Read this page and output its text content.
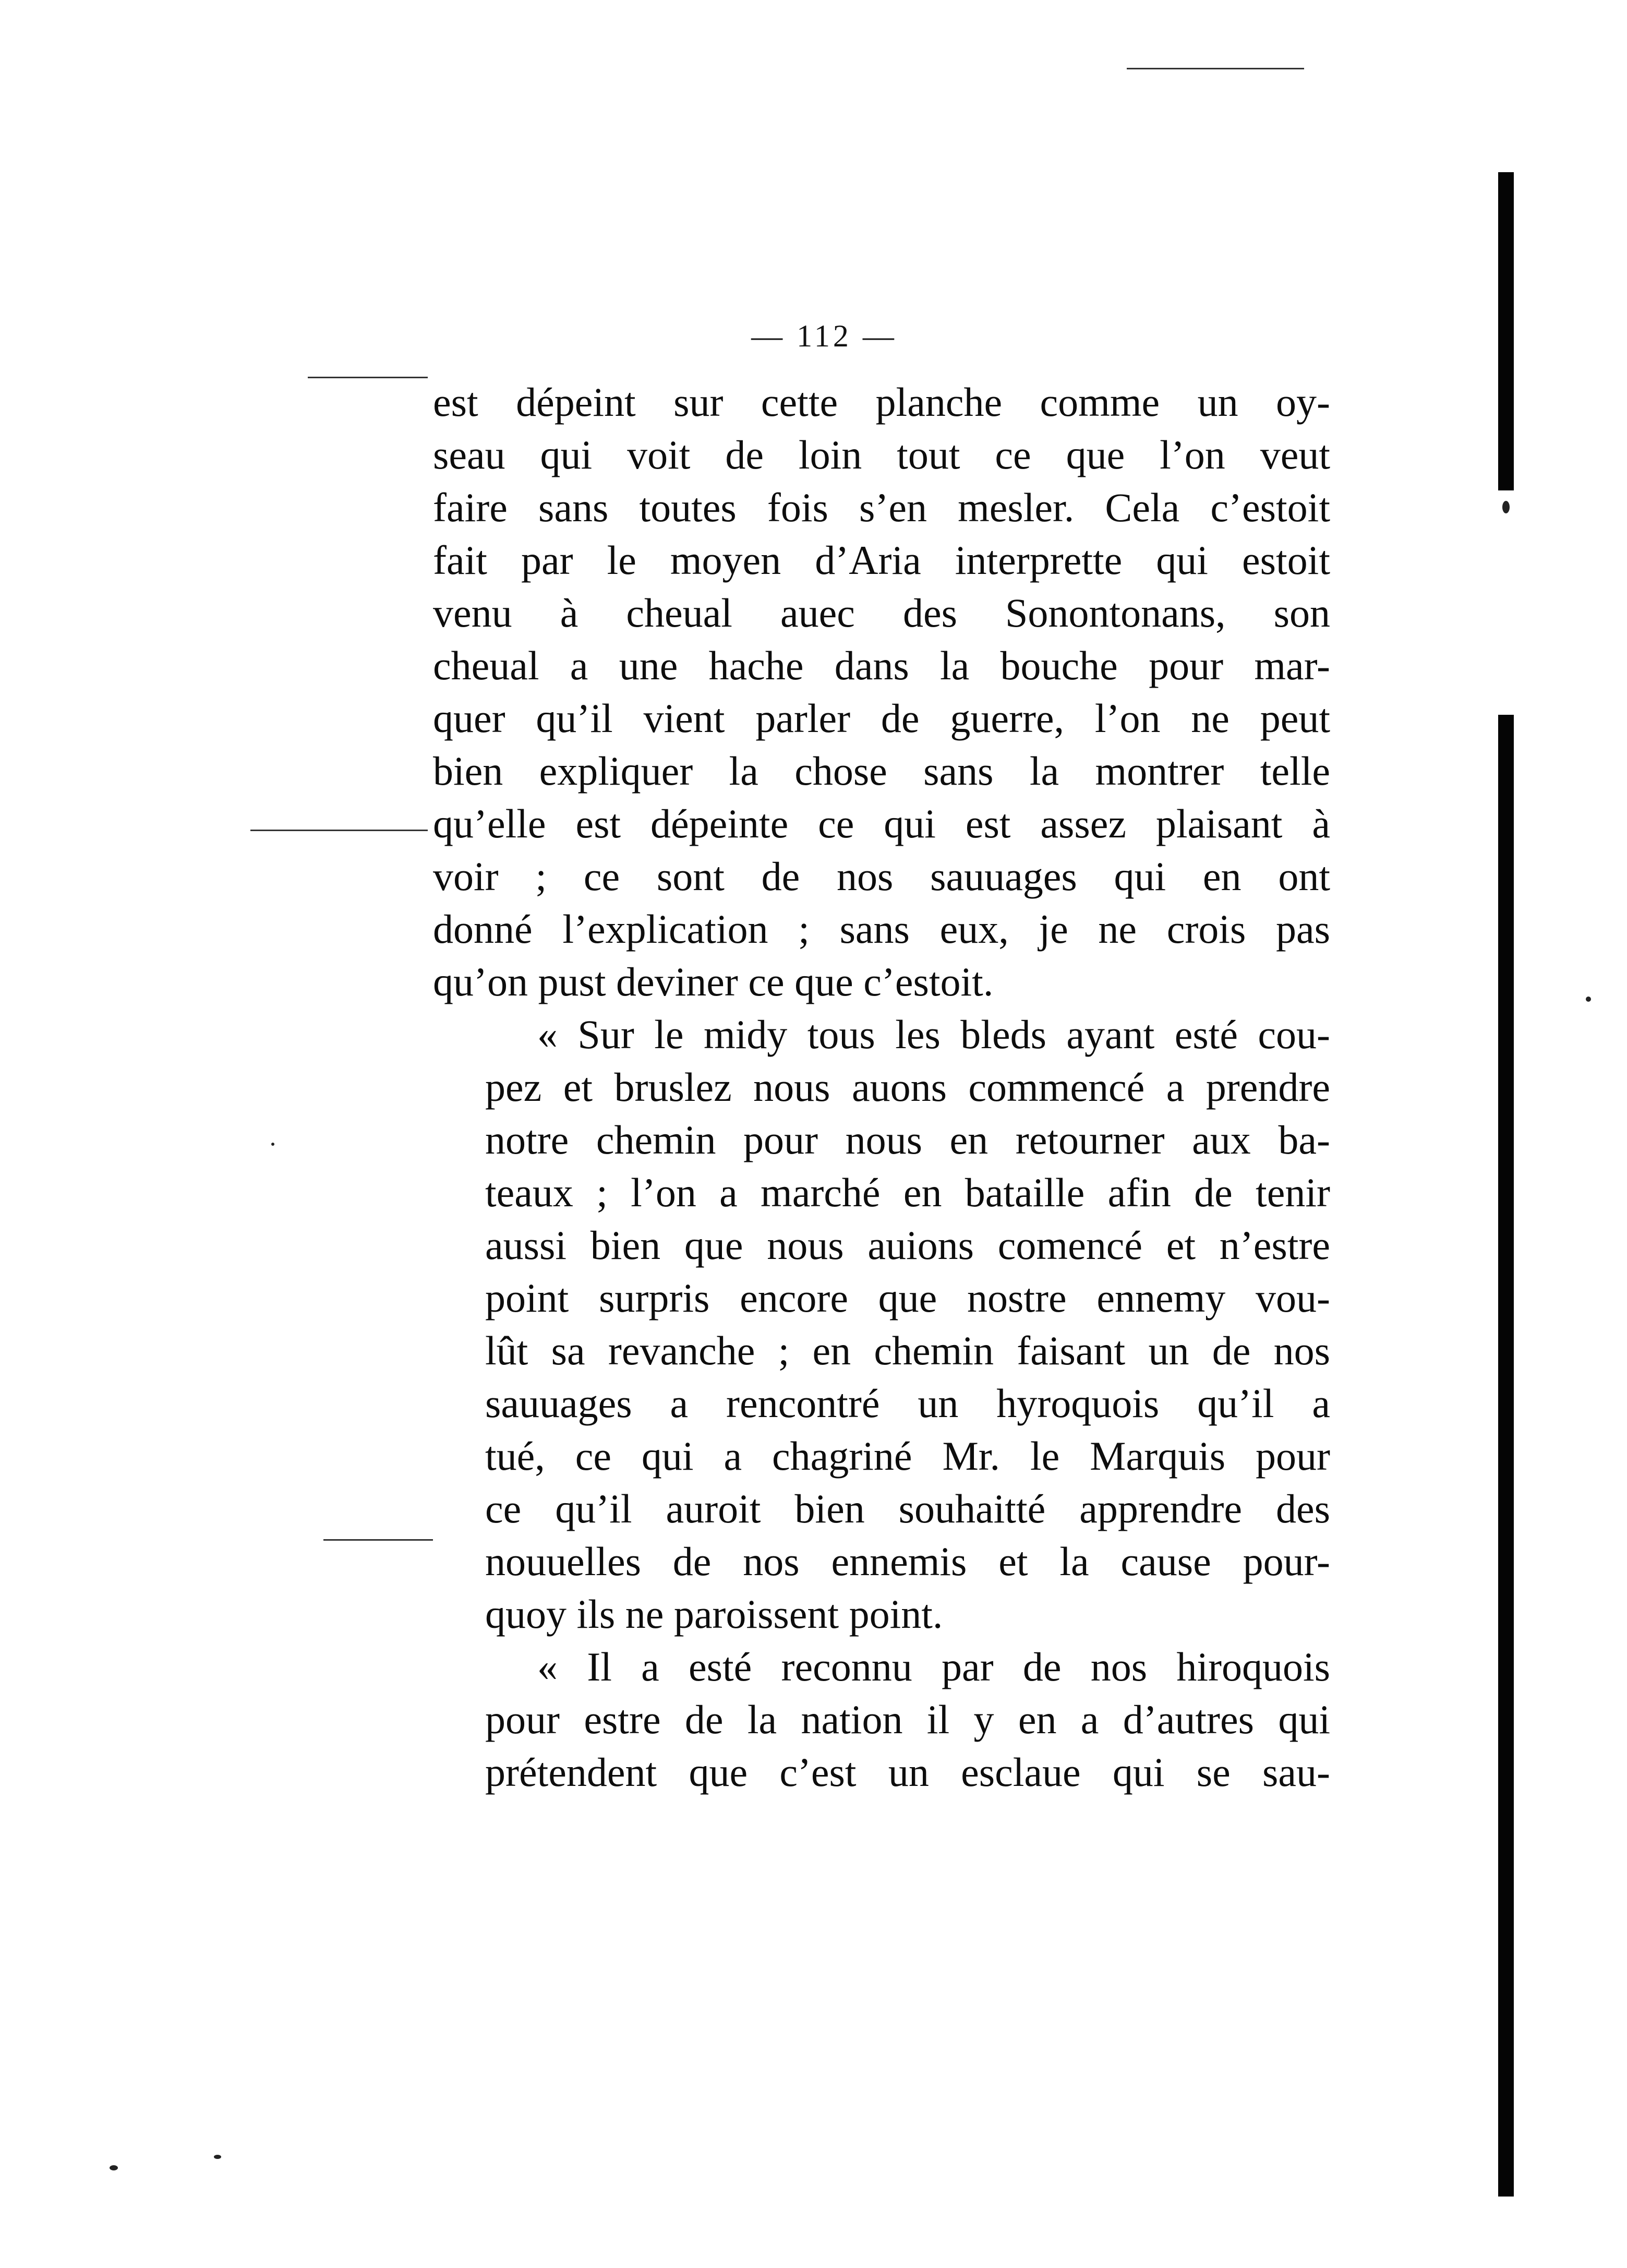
— 112 —

est dépeint sur cette planche comme un oy-
seau qui voit de loin tout ce que l’on veut
faire sans toutes fois s’en mesler. Cela c’estoit
fait par le moyen d’Aria interprette qui estoit
venu à cheual auec des Sonontonans, son
cheual a une hache dans la bouche pour mar-
quer qu’il vient parler de guerre, l’on ne peut
bien expliquer la chose sans la montrer telle
qu’elle est dépeinte ce qui est assez plaisant à
voir ; ce sont de nos sauuages qui en ont
donné l’explication ; sans eux, je ne crois pas
qu’on pust deviner ce que c’estoit.

« Sur le midy tous les bleds ayant esté cou-
pez et bruslez nous auons commencé a prendre
notre chemin pour nous en retourner aux ba-
teaux ; l’on a marché en bataille afin de tenir
aussi bien que nous auions comencé et n’estre
point surpris encore que nostre ennemy vou-
lût sa revanche ; en chemin faisant un de nos
sauuages a rencontré un hyroquois qu’il a
tué, ce qui a chagriné Mr. le Marquis pour
ce qu’il auroit bien souhaitté apprendre des
nouuelles de nos ennemis et la cause pour-
quoy ils ne paroissent point.

« Il a esté reconnu par de nos hiroquois
pour estre de la nation il y en a d’autres qui
prétendent que c’est un esclaue qui se sau-
